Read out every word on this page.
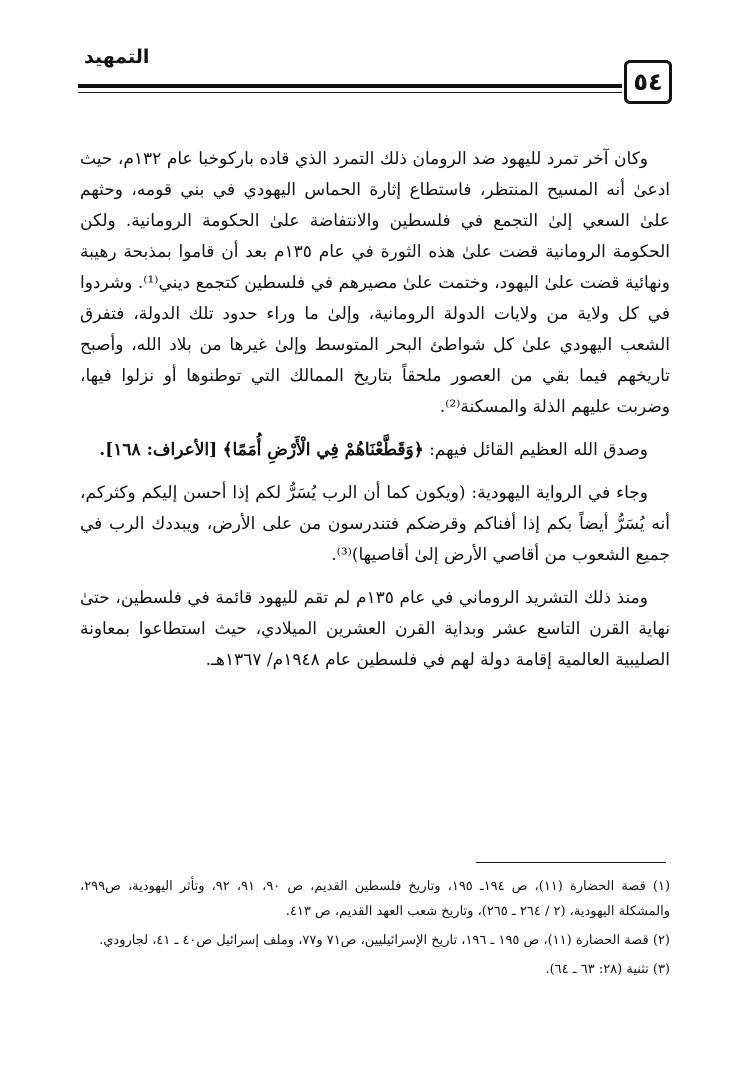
التمهيد
٥٤

وكان آخر تمرد لليهود ضد الرومان ذلك التمرد الذي قاده باركوخبا عام ١٣٢م، حيث ادعىٰ أنه المسيح المنتظر، فاستطاع إثارة الحماس اليهودي في بني قومه، وحثهم علىٰ السعي إلىٰ التجمع في فلسطين والانتفاضة علىٰ الحكومة الرومانية. ولكن الحكومة الرومانية قضت علىٰ هذه الثورة في عام ١٣٥م بعد أن قاموا بمذبحة رهيبة ونهائية قضت علىٰ اليهود، وختمت علىٰ مصيرهم في فلسطين كتجمع ديني⁽¹⁾. وشردوا في كل ولاية من ولايات الدولة الرومانية، وإلىٰ ما وراء حدود تلك الدولة، فتفرق الشعب اليهودي علىٰ كل شواطئ البحر المتوسط وإلىٰ غيرها من بلاد الله، وأصبح تاريخهم فيما بقي من العصور ملحقاً بتاريخ الممالك التي توطنوها أو نزلوا فيها، وضربت عليهم الذلة والمسكنة⁽²⁾.

وصدق الله العظيم القائل فيهم: ﴿وَقَطَّعْنَاهُمْ فِي الْأَرْضِ أُمَمًا﴾ [الأعراف: ١٦٨].

وجاء في الرواية اليهودية: (ويكون كما أن الرب يُسَرُّ لكم إذا أحسن إليكم وكثركم، أنه يُسَرُّ أيضاً بكم إذا أفناكم وقرضكم فتندرسون من على الأرض، ويبددك الرب في جميع الشعوب من أقاصي الأرض إلىٰ أقاصيها)⁽³⁾.

ومنذ ذلك التشريد الروماني في عام ١٣٥م لم تقم لليهود قائمة في فلسطين، حتىٰ نهاية القرن التاسع عشر وبداية القرن العشرين الميلادي، حيث استطاعوا بمعاونة الصليبية العالمية إقامة دولة لهم في فلسطين عام ١٩٤٨م/ ١٣٦٧هـ.

(١) قصة الحضارة (١١)، ص ١٩٤ـ ١٩٥، وتاريخ فلسطين القديم، ص ٩٠، ٩١، ٩٢، وتأثر اليهودية، ص٢٩٩، والمشكلة اليهودية، (٢ / ٢٦٤ ـ ٢٦٥)، وتاريخ شعب العهد القديم، ص ٤١٣.

(٢) قصة الحضارة (١١)، ص ١٩٥ ـ ١٩٦، تاريخ الإسرائيليين، ص٧١ و٧٧، وملف إسرائيل ص٤٠ ـ ٤١، لجارودي.

(٣) تثنية (٢٨: ٦٣ ـ ٦٤).
